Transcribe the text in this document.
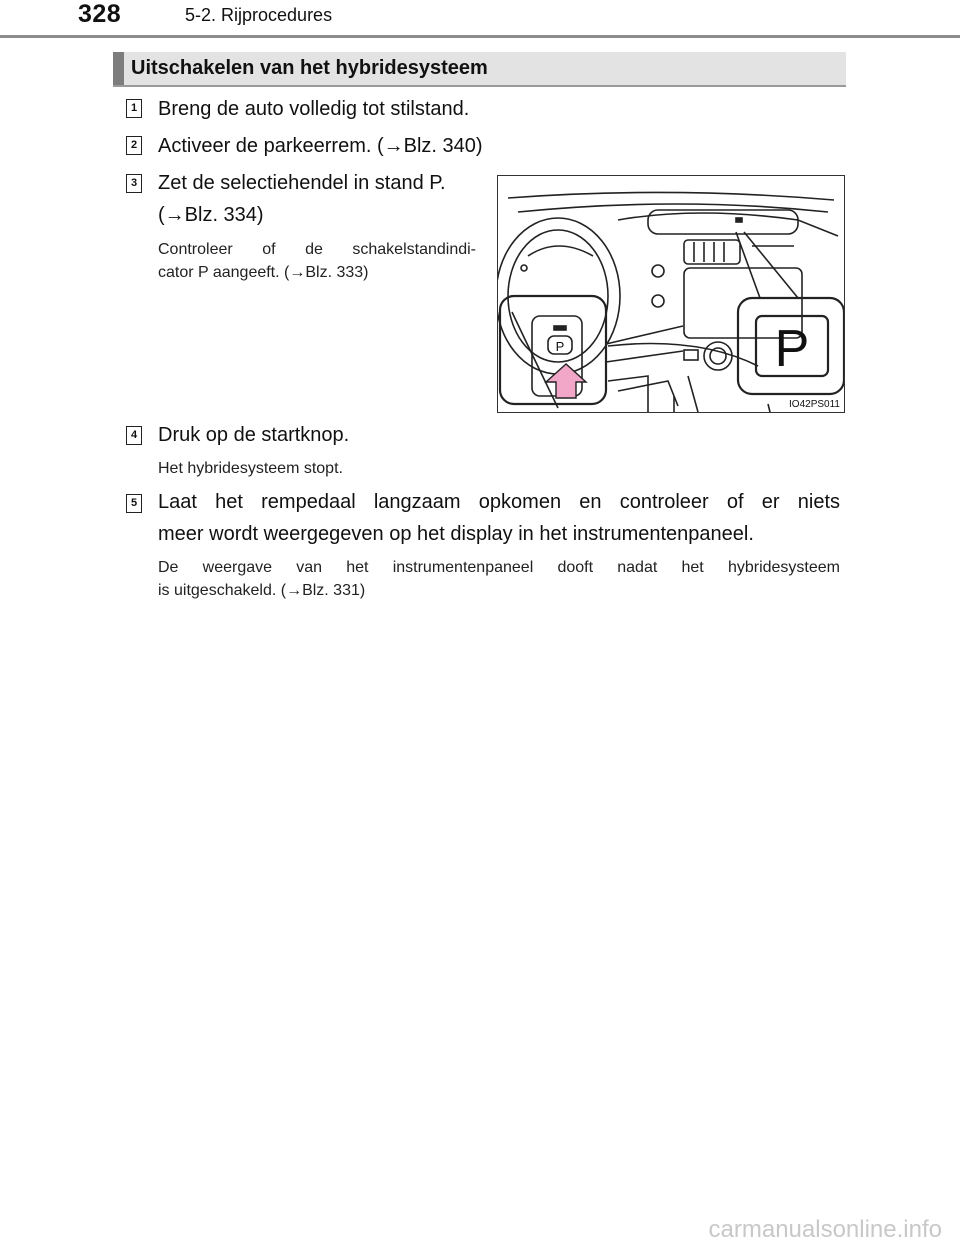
328	5-2. Rijprocedures
Uitschakelen van het hybridesysteem
1 Breng de auto volledig tot stilstand.
2 Activeer de parkeerrem. (→Blz. 340)
3 Zet de selectiehendel in stand P.
(→Blz. 334)
Controleer of de schakelstandindi-
cator P aangeeft. (→Blz. 333)
P
P
IO42PS011
4 Druk op de startknop.
Het hybridesysteem stopt.
5 Laat het rempedaal langzaam opkomen en controleer of er niets
meer wordt weergegeven op het display in het instrumentenpaneel.
De weergave van het instrumentenpaneel dooft nadat het hybridesysteem
is uitgeschakeld. (→Blz. 331)
carmanualsonline.info
